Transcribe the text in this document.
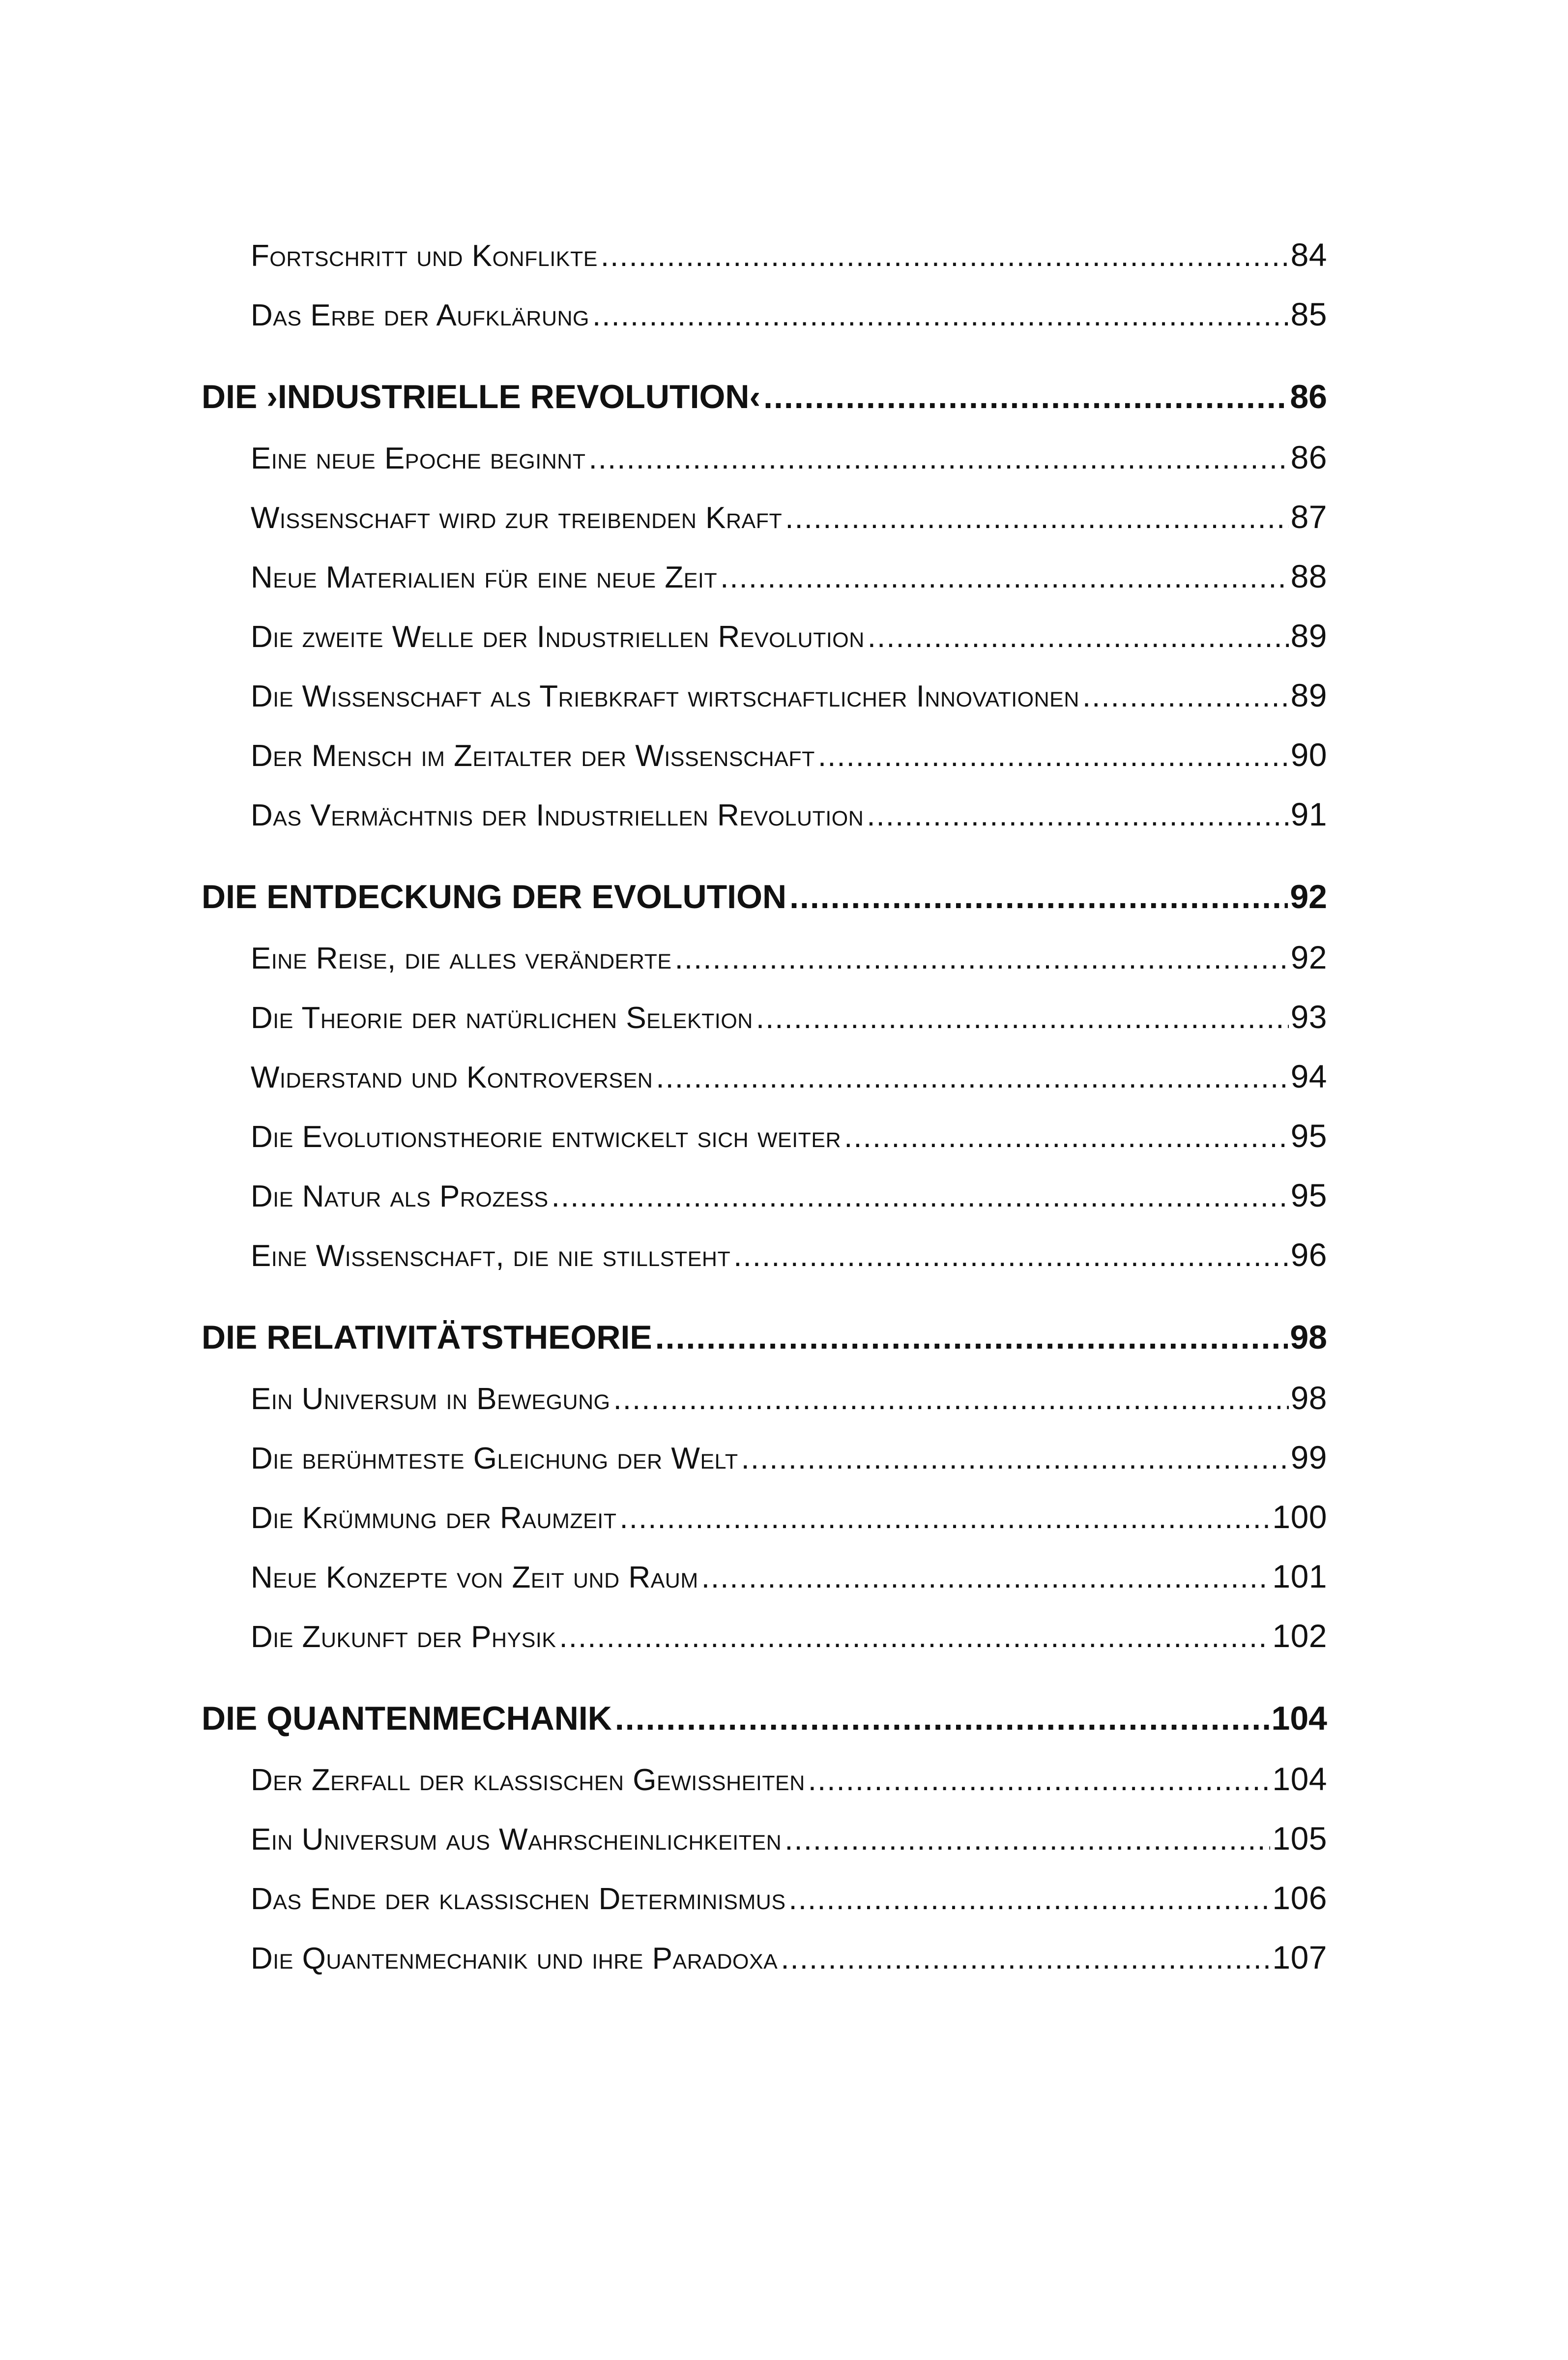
Fortschritt und Konflikte .....	84
Das Erbe der Aufklärung .....	85
DIE ›INDUSTRIELLE REVOLUTION‹ .....	86
Eine neue Epoche beginnt .....	86
Wissenschaft wird zur treibenden Kraft .....	87
Neue Materialien für eine neue Zeit .....	88
Die zweite Welle der Industriellen Revolution .....	89
Die Wissenschaft als Triebkraft wirtschaftlicher Innovationen .....	89
Der Mensch im Zeitalter der Wissenschaft .....	90
Das Vermächtnis der Industriellen Revolution .....	91
DIE ENTDECKUNG DER EVOLUTION .....	92
Eine Reise, die alles veränderte .....	92
Die Theorie der natürlichen Selektion .....	93
Widerstand und Kontroversen .....	94
Die Evolutionstheorie entwickelt sich weiter .....	95
Die Natur als Prozess .....	95
Eine Wissenschaft, die nie stillsteht .....	96
DIE RELATIVITÄTSTHEORIE .....	98
Ein Universum in Bewegung .....	98
Die berühmteste Gleichung der Welt .....	99
Die Krümmung der Raumzeit .....	100
Neue Konzepte von Zeit und Raum .....	101
Die Zukunft der Physik .....	102
DIE QUANTENMECHANIK .....	104
Der Zerfall der klassischen Gewissheiten .....	104
Ein Universum aus Wahrscheinlichkeiten .....	105
Das Ende der klassischen Determinismus .....	106
Die Quantenmechanik und ihre Paradoxa .....	107
